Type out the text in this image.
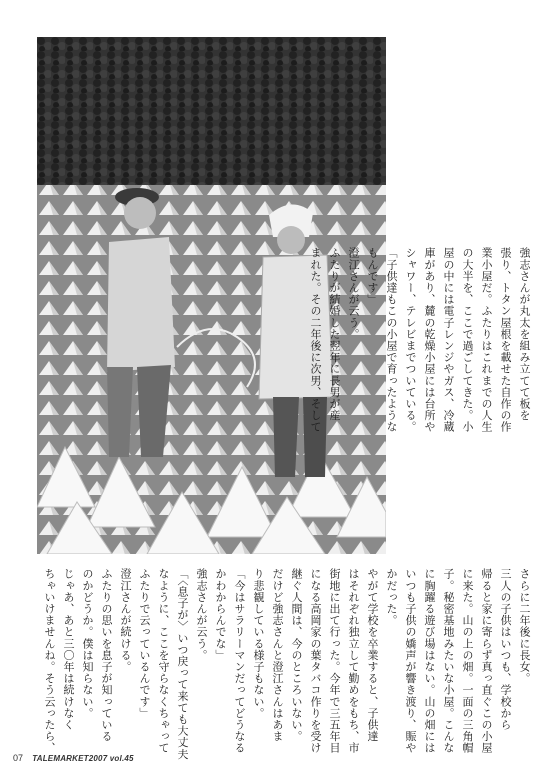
強志さんが丸太を組み立てて板を
張り、トタン屋根を載せた自作の作
業小屋だ。ふたりはこれまでの人生
の大半を、ここで過ごしてきた。小
屋の中には電子レンジやガス、冷蔵
庫があり、麓の乾燥小屋には台所や
シャワー、テレビまでついている。
「子供達もこの小屋で育ったような
もんです」
澄江さんが云う。
ふたりが結婚した翌年に長男が産
まれた。その二年後に次男、そして
さらに二年後に長女。
三人の子供はいつも、学校から
帰ると家に寄らず真っ直ぐこの小屋
に来た。山の上の畑。一面の三角帽
子。秘密基地みたいな小屋。こんな
に胸躍る遊び場はない。山の畑には
いつも子供の嬌声が響き渡り、賑や
かだった。
やがて学校を卒業すると、子供達
はそれぞれ独立して勤めをもち、市
街地に出て行った。今年で三五年目
になる高岡家の葉タバコ作りを受け
継ぐ人間は、今のところいない。
だけど強志さんと澄江さんはあま
り悲観している様子もない。
「今はサラリーマンだってどうなる
かわからんでな」
強志さんが云う。
「〈息子が〉いつ戻って来ても大丈夫
なように、ここを守らなくちゃって
ふたりで云っているんです」
澄江さんが続ける。
ふたりの思いを息子が知っている
のかどうか。僕は知らない。
じゃあ、あと三〇年は続けなく
ちゃいけませんね。そう云ったら、
07 TALEMARKET2007 vol.45
